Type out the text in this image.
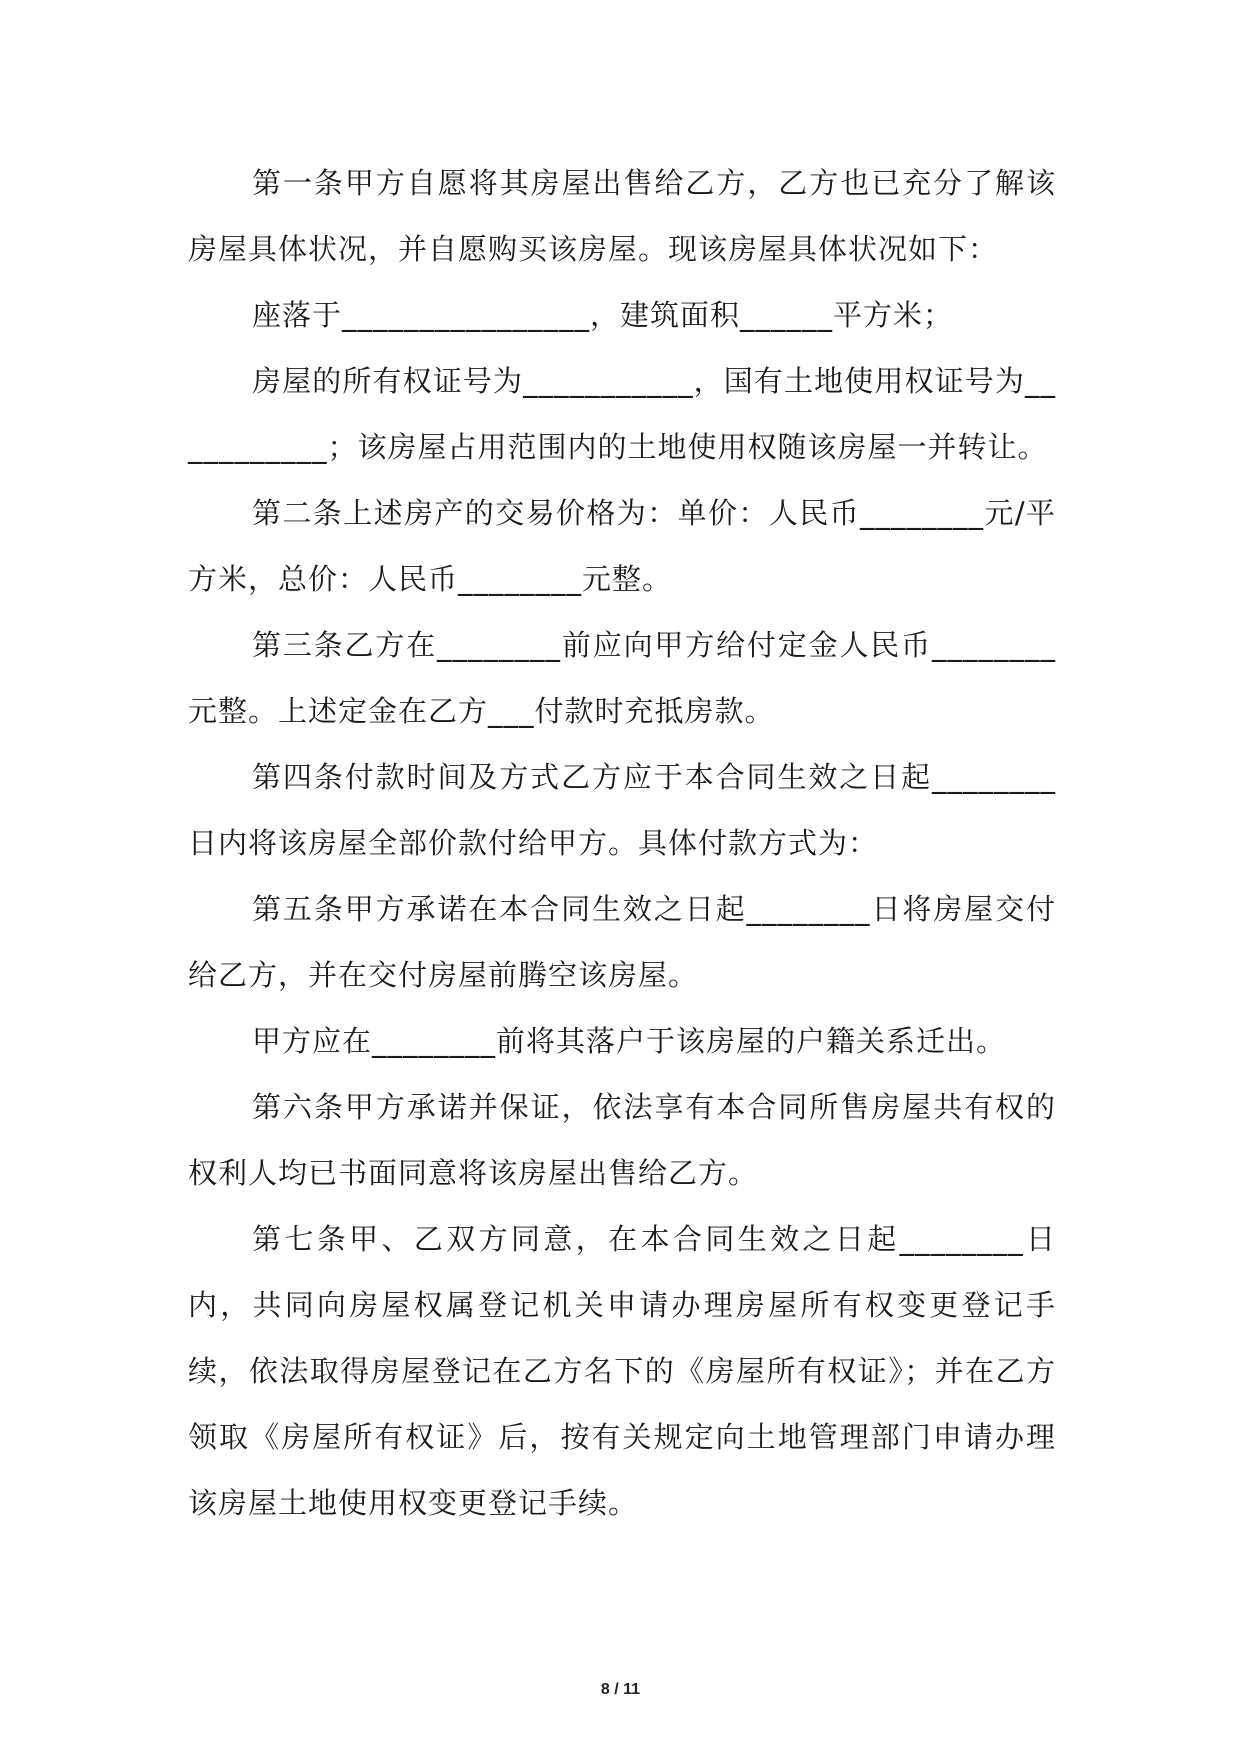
第一条甲方自愿将其房屋出售给乙方，乙方也已充分了解该房屋具体状况，并自愿购买该房屋。现该房屋具体状况如下：

座落于________________，建筑面积______平方米；

房屋的所有权证号为___________，国有土地使用权证号为___________；该房屋占用范围内的土地使用权随该房屋一并转让。

第二条上述房产的交易价格为：单价：人民币________元/平方米，总价：人民币________元整。

第三条乙方在________前应向甲方给付定金人民币________元整。上述定金在乙方___付款时充抵房款。

第四条付款时间及方式乙方应于本合同生效之日起________日内将该房屋全部价款付给甲方。具体付款方式为：

第五条甲方承诺在本合同生效之日起________日将房屋交付给乙方，并在交付房屋前腾空该房屋。

甲方应在________前将其落户于该房屋的户籍关系迁出。

第六条甲方承诺并保证，依法享有本合同所售房屋共有权的权利人均已书面同意将该房屋出售给乙方。

第七条甲、乙双方同意，在本合同生效之日起________日内，共同向房屋权属登记机关申请办理房屋所有权变更登记手续，依法取得房屋登记在乙方名下的《房屋所有权证》；并在乙方领取《房屋所有权证》后，按有关规定向土地管理部门申请办理该房屋土地使用权变更登记手续。

8 / 11
